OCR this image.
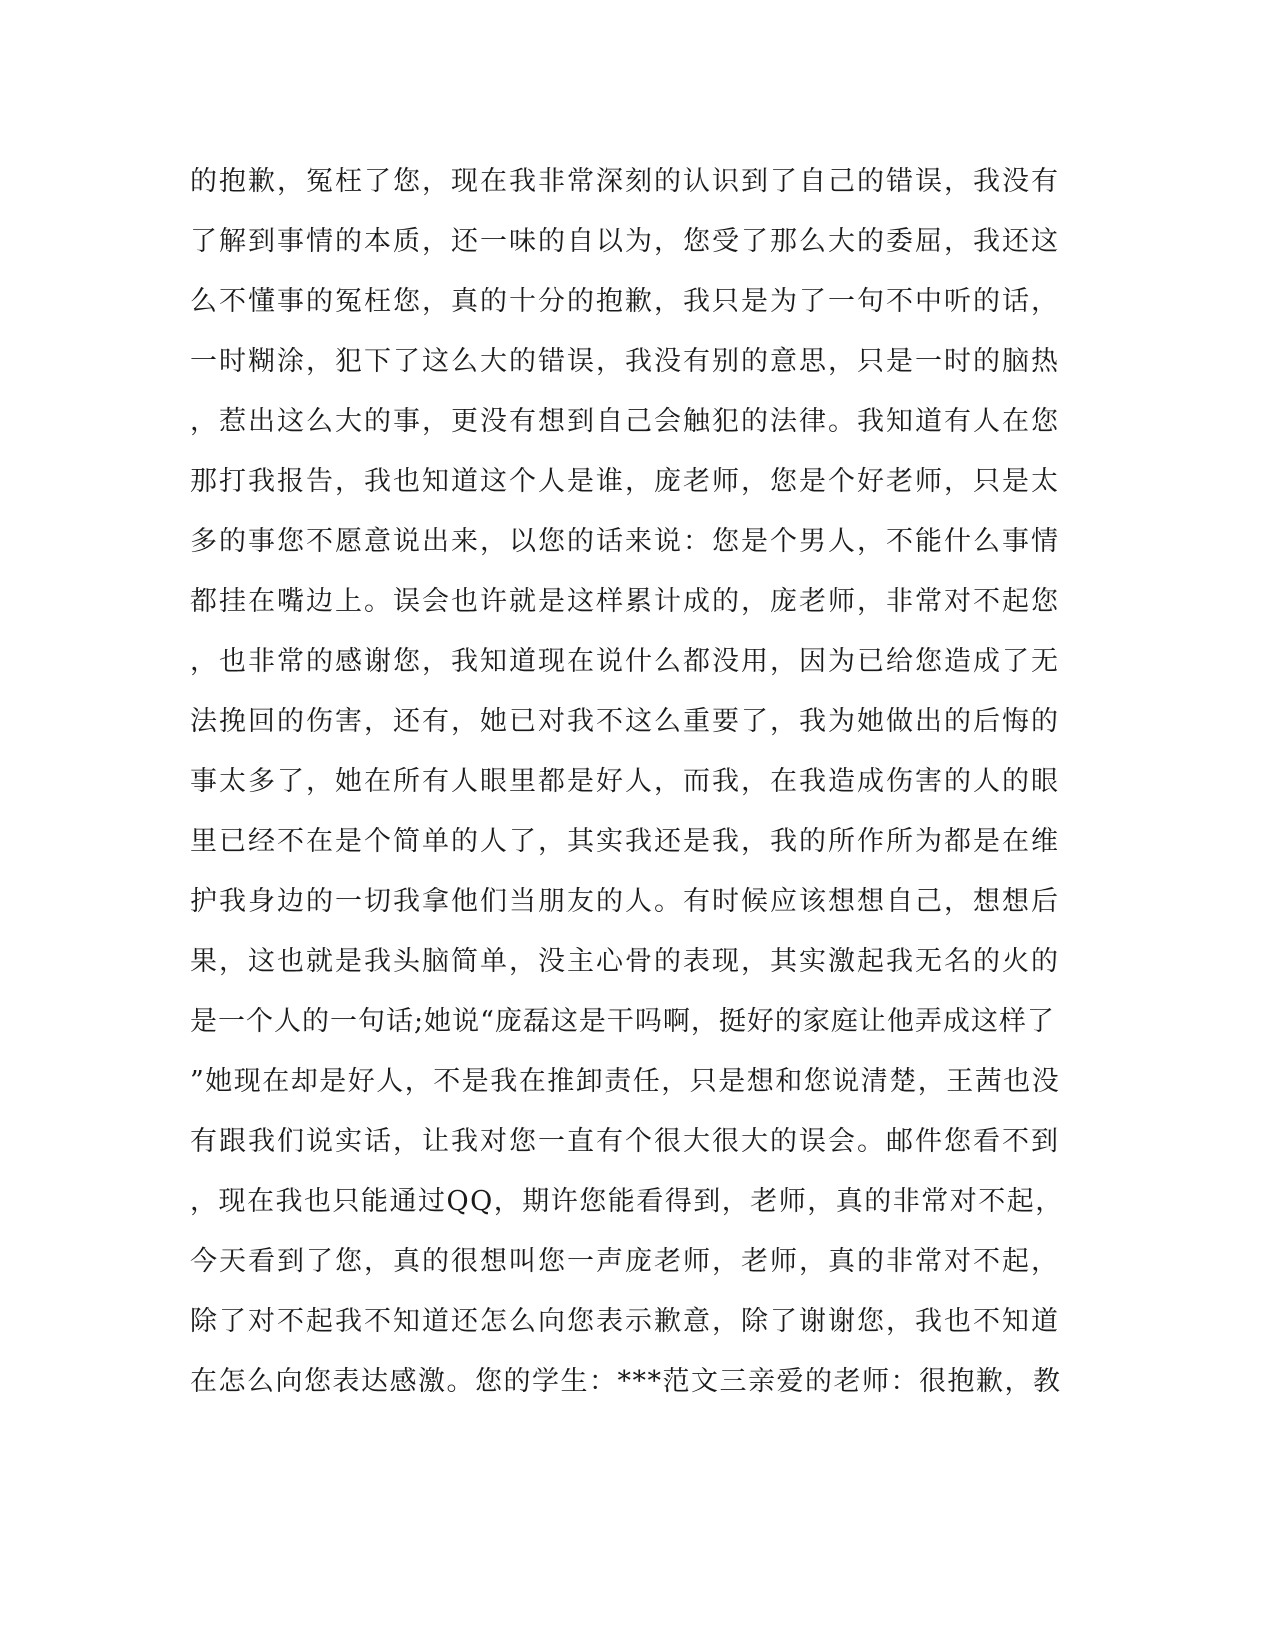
的抱歉，冤枉了您，现在我非常深刻的认识到了自己的错误，我没有
了解到事情的本质，还一味的自以为，您受了那么大的委屈，我还这
么不懂事的冤枉您，真的十分的抱歉，我只是为了一句不中听的话，
一时糊涂，犯下了这么大的错误，我没有别的意思，只是一时的脑热
，惹出这么大的事，更没有想到自己会触犯的法律。我知道有人在您
那打我报告，我也知道这个人是谁，庞老师，您是个好老师，只是太
多的事您不愿意说出来，以您的话来说：您是个男人，不能什么事情
都挂在嘴边上。误会也许就是这样累计成的，庞老师，非常对不起您
，也非常的感谢您，我知道现在说什么都没用，因为已给您造成了无
法挽回的伤害，还有，她已对我不这么重要了，我为她做出的后悔的
事太多了，她在所有人眼里都是好人，而我，在我造成伤害的人的眼
里已经不在是个简单的人了，其实我还是我，我的所作所为都是在维
护我身边的一切我拿他们当朋友的人。有时候应该想想自己，想想后
果，这也就是我头脑简单，没主心骨的表现，其实激起我无名的火的
是一个人的一句话;她说“庞磊这是干吗啊，挺好的家庭让他弄成这样了
”她现在却是好人，不是我在推卸责任，只是想和您说清楚，王茜也没
有跟我们说实话，让我对您一直有个很大很大的误会。邮件您看不到
，现在我也只能通过QQ，期许您能看得到，老师，真的非常对不起，
今天看到了您，真的很想叫您一声庞老师，老师，真的非常对不起，
除了对不起我不知道还怎么向您表示歉意，除了谢谢您，我也不知道
在怎么向您表达感激。您的学生：***范文三亲爱的老师：很抱歉，教
